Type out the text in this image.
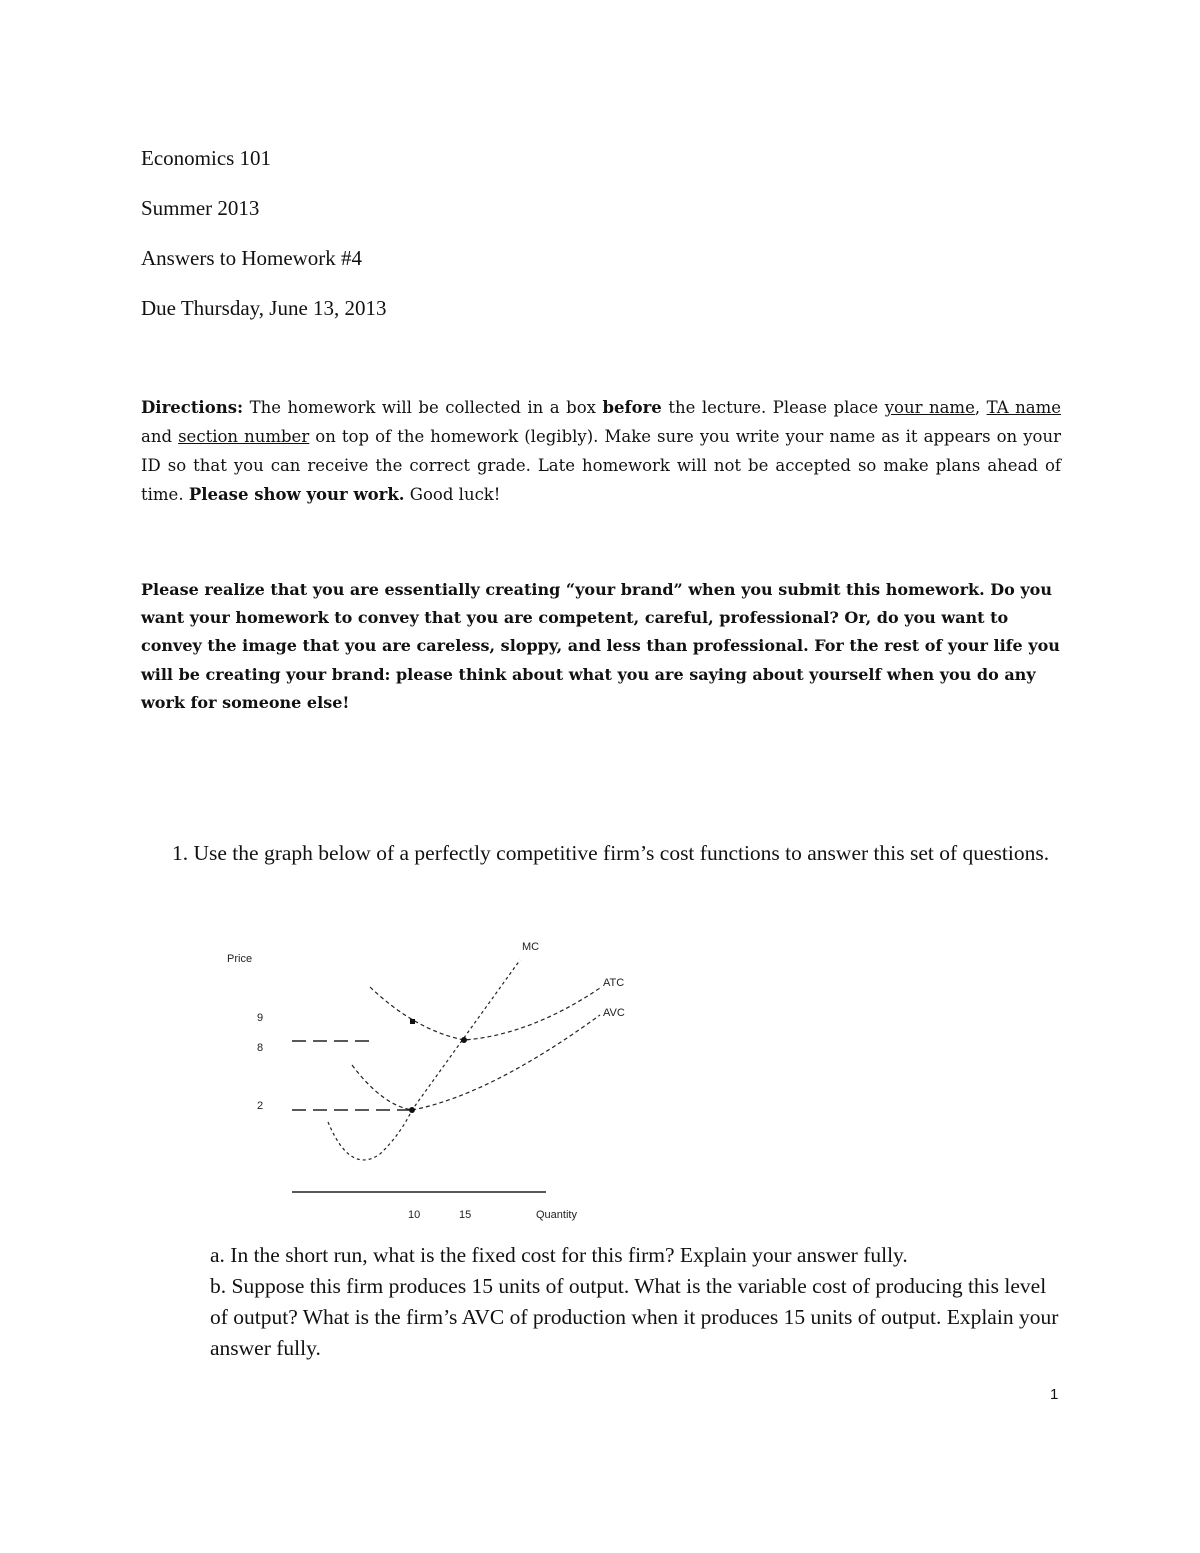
Economics 101
Summer 2013
Answers to Homework #4
Due Thursday, June 13, 2013
Directions: The homework will be collected in a box before the lecture. Please place your name, TA name and section number on top of the homework (legibly). Make sure you write your name as it appears on your ID so that you can receive the correct grade. Late homework will not be accepted so make plans ahead of time. Please show your work. Good luck!
Please realize that you are essentially creating “your brand” when you submit this homework. Do you want your homework to convey that you are competent, careful, professional? Or, do you want to convey the image that you are careless, sloppy, and less than professional. For the rest of your life you will be creating your brand: please think about what you are saying about yourself when you do any work for someone else!
1. Use the graph below of a perfectly competitive firm’s cost functions to answer this set of questions.
Price
Quantity
9
8
2
10	15
MC
ATC
AVC
a. In the short run, what is the fixed cost for this firm? Explain your answer fully.
b. Suppose this firm produces 15 units of output. What is the variable cost of producing this level of output? What is the firm’s AVC of production when it produces 15 units of output. Explain your answer fully.
1
